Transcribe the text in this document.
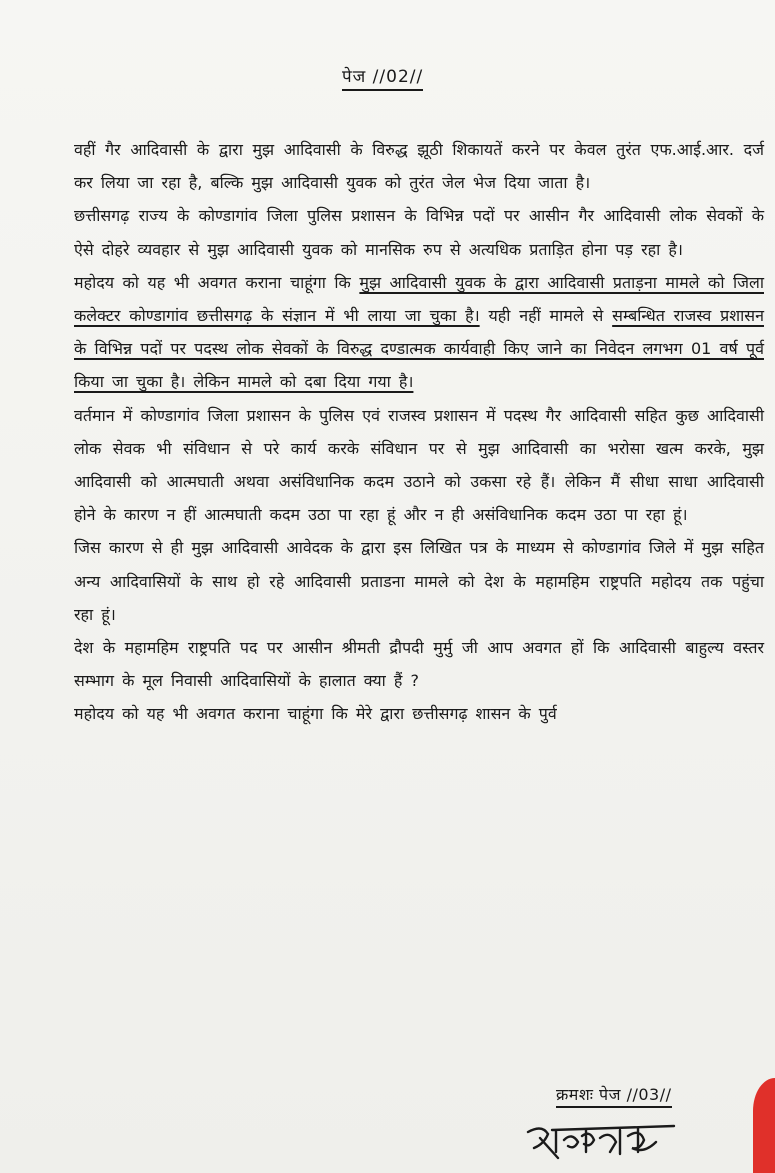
पेज //02//

वहीं गैर आदिवासी के द्वारा मुझ आदिवासी के विरुद्ध झूठी शिकायतें करने पर केवल तुरंत एफ.आई.आर. दर्ज कर लिया जा रहा है, बल्कि मुझ आदिवासी युवक को तुरंत जेल भेज दिया जाता है।

छत्तीसगढ़ राज्य के कोण्डागांव जिला पुलिस प्रशासन के विभिन्न पदों पर आसीन गैर आदिवासी लोक सेवकों के ऐसे दोहरे व्यवहार से मुझ आदिवासी युवक को मानसिक रुप से अत्यधिक प्रताड़ित होना पड़ रहा है।

महोदय को यह भी अवगत कराना चाहूंगा कि मुझ आदिवासी युवक के द्वारा आदिवासी प्रताड़ना मामले को जिला कलेक्टर कोण्डागांव छत्तीसगढ़ के संज्ञान में भी लाया जा चुका है। यही नहीं मामले से सम्बन्धित राजस्व प्रशासन के विभिन्न पदों पर पदस्थ लोक सेवकों के विरुद्ध दण्डात्मक कार्यवाही किए जाने का निवेदन लगभग 01 वर्ष पूर्व किया जा चुका है। लेकिन मामले को दबा दिया गया है।

वर्तमान में कोण्डागांव जिला प्रशासन के पुलिस एवं राजस्व प्रशासन में पदस्थ गैर आदिवासी सहित कुछ आदिवासी लोक सेवक भी संविधान से परे कार्य करके संविधान पर से मुझ आदिवासी का भरोसा खत्म करके, मुझ आदिवासी को आत्मघाती अथवा असंविधानिक कदम उठाने को उकसा रहे हैं। लेकिन मैं सीधा साधा आदिवासी होने के कारण न हीं आत्मघाती कदम उठा पा रहा हूं और न ही असंविधानिक कदम उठा पा रहा हूं।

जिस कारण से ही मुझ आदिवासी आवेदक के द्वारा इस लिखित पत्र के माध्यम से कोण्डागांव जिले में मुझ सहित अन्य आदिवासियों के साथ हो रहे आदिवासी प्रताडना मामले को देश के महामहिम राष्ट्रपति महोदय तक पहुंचा रहा हूं।

देश के महामहिम राष्ट्रपति पद पर आसीन श्रीमती द्रौपदी मुर्मु जी आप अवगत हों कि आदिवासी बाहुल्य वस्तर सम्भाग के मूल निवासी आदिवासियों के हालात क्या हैं ?

महोदय को यह भी अवगत कराना चाहूंगा कि मेरे द्वारा छत्तीसगढ़ शासन के पुर्व

क्रमशः पेज //03//
